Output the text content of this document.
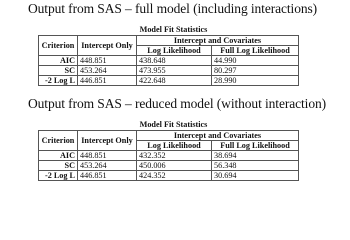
Output from SAS – full model (including interactions)
Model Fit Statistics			
Criterion	Intercept Only	Intercept and Covariates	
		Log Likelihood	Full Log Likelihood
AIC	448.851	438.648	44.990
SC	453.264	473.955	80.297
-2 Log L	446.851	422.648	28.990
Output from SAS – reduced model (without interaction)
Model Fit Statistics			
Criterion	Intercept Only	Intercept and Covariates	
		Log Likelihood	Full Log Likelihood
AIC	448.851	432.352	38.694
SC	453.264	450.006	56.348
-2 Log L	446.851	424.352	30.694
